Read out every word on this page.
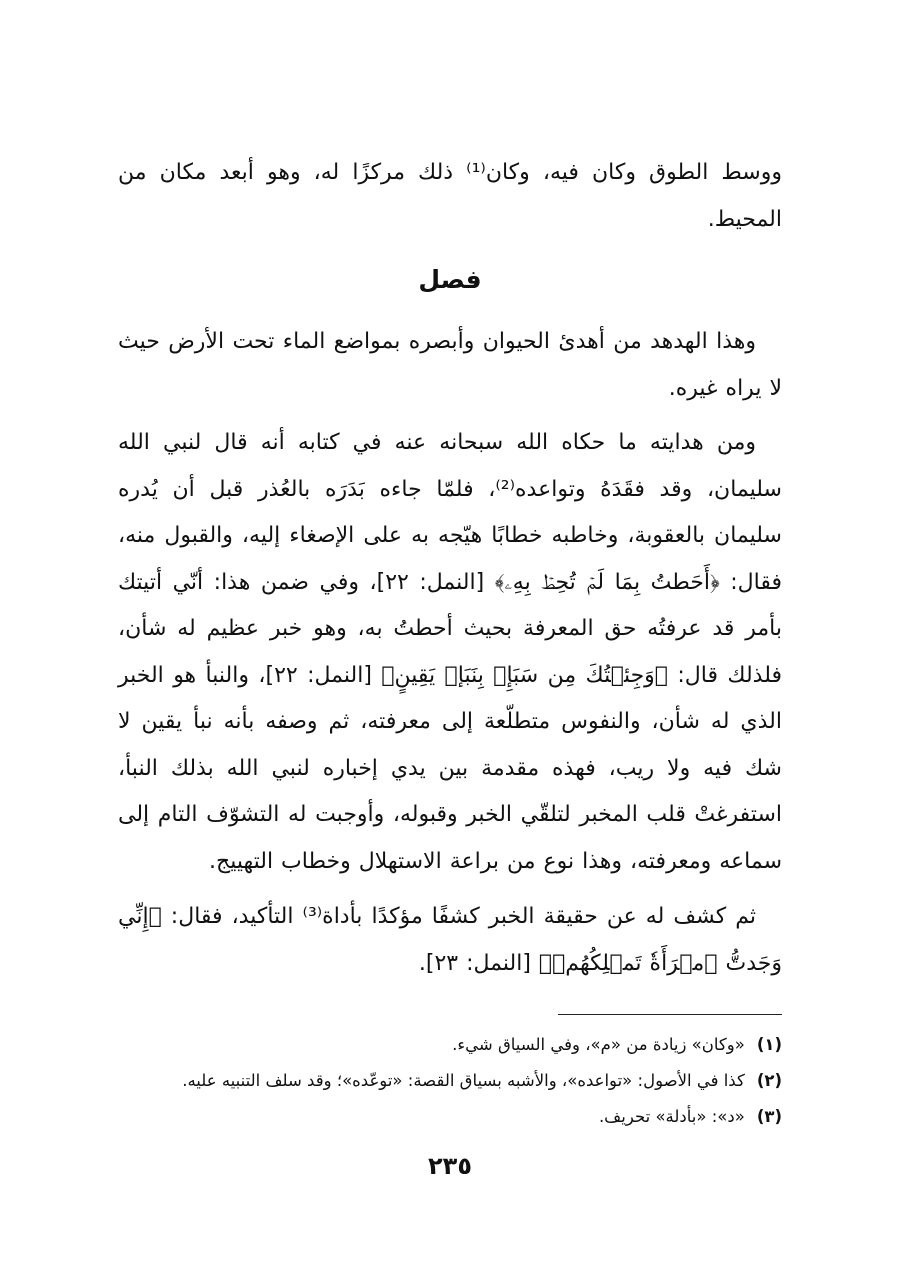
ووسط الطوق وكان فيه، وكان⁽¹⁾ ذلك مركزًا له، وهو أبعد مكان من المحيط.
فصل
وهذا الهدهد من أهدئ الحيوان وأبصره بمواضع الماء تحت الأرض حيث لا يراه غيره.
ومن هدايته ما حكاه الله سبحانه عنه في كتابه أنه قال لنبي الله سليمان، وقد فقَدَهُ وتواعده⁽²⁾، فلمّا جاءه بَدَرَه بالعُذر قبل أن يُدره سليمان بالعقوبة، وخاطبه خطابًا هيّجه به على الإصغاء إليه، والقبول منه، فقال: ﴿أَحَطتُ بِمَا لَمۡ تُحِطۡ بِهِۦ﴾ [النمل: ٢٢]، وفي ضمن هذا: أنّي أتيتك بأمر قد عرفتُه حق المعرفة بحيث أحطتُ به، وهو خبر عظيم له شأن، فلذلك قال: ﴿وَجِئۡتُكَ مِن سَبَإِۭ بِنَبَإٖ يَقِينٍ﴾ [النمل: ٢٢]، والنبأ هو الخبر الذي له شأن، والنفوس متطلّعة إلى معرفته، ثم وصفه بأنه نبأ يقين لا شك فيه ولا ريب، فهذه مقدمة بين يدي إخباره لنبي الله بذلك النبأ، استفرغتْ قلب المخبر لتلقّي الخبر وقبوله، وأوجبت له التشوّف التام إلى سماعه ومعرفته، وهذا نوع من براعة الاستهلال وخطاب التهييج.
ثم كشف له عن حقيقة الخبر كشفًا مؤكدًا بأداة⁽³⁾ التأكيد، فقال: ﴿إِنِّي وَجَدتُّ ٱمۡرَأَةٗ تَمۡلِكُهُمۡ﴾ [النمل: ٢٣].
(١)
«وكان» زيادة من «م»، وفي السياق شيء.
(٢)
كذا في الأصول: «تواعده»، والأشبه بسياق القصة: «توعّده»؛ وقد سلف التنبيه عليه.
(٣)
«د»: «بأدلة» تحريف.
٢٣٥
